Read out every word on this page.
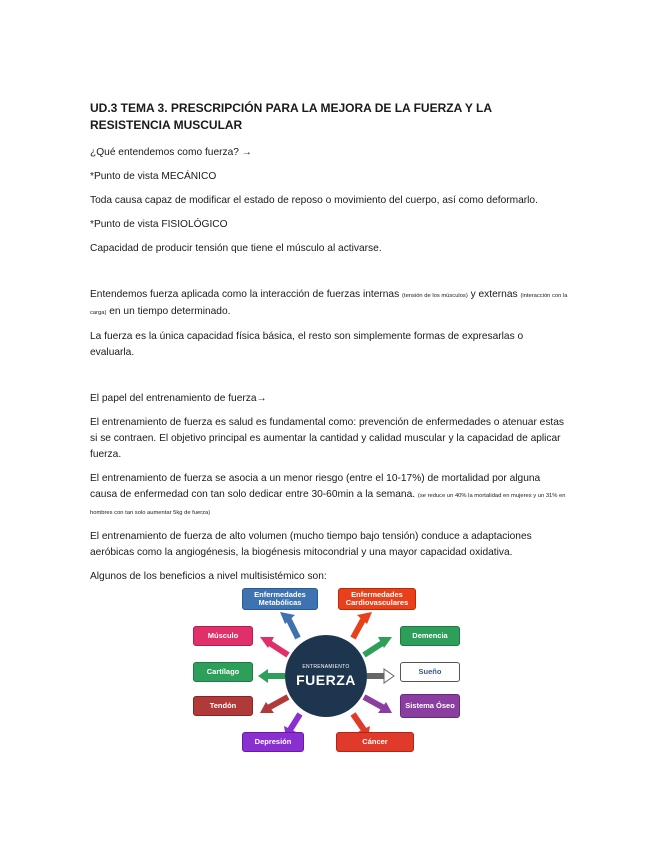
UD.3 TEMA 3. PRESCRIPCIÓN PARA LA MEJORA DE LA FUERZA Y LA RESISTENCIA MUSCULAR

¿Qué entendemos como fuerza? →

*Punto de vista MECÁNICO

Toda causa capaz de modificar el estado de reposo o movimiento del cuerpo, así como deformarlo.

*Punto de vista FISIOLÓGICO

Capacidad de producir tensión que tiene el músculo al activarse.

Entendemos fuerza aplicada como la interacción de fuerzas internas (tensión de los músculos) y externas (interacción con la carga) en un tiempo determinado.

La fuerza es la única capacidad física básica, el resto son simplemente formas de expresarlas o evaluarla.

El papel del entrenamiento de fuerza→

El entrenamiento de fuerza es salud es fundamental como: prevención de enfermedades o atenuar estas si se contraen. El objetivo principal es aumentar la cantidad y calidad muscular y la capacidad de aplicar fuerza.

El entrenamiento de fuerza se asocia a un menor riesgo (entre el 10-17%) de mortalidad por alguna causa de enfermedad con tan solo dedicar entre 30-60min a la semana. (se reduce un 40% la mortalidad en mujeres y un 31% en hombres con tan solo aumentar 5kg de fuerza)

El entrenamiento de fuerza de alto volumen (mucho tiempo bajo tensión) conduce a adaptaciones aeróbicas como la angiogénesis, la biogénesis mitocondrial y una mayor capacidad oxidativa.

Algunos de los beneficios a nivel multisistémico son:

ENTRENAMIENTO
FUERZA
Enfermedades Metabólicas
Enfermedades Cardiovasculares
Músculo	Demencia
Cartílago	Sueño
Tendón	Sistema Óseo
Depresión	Cáncer
